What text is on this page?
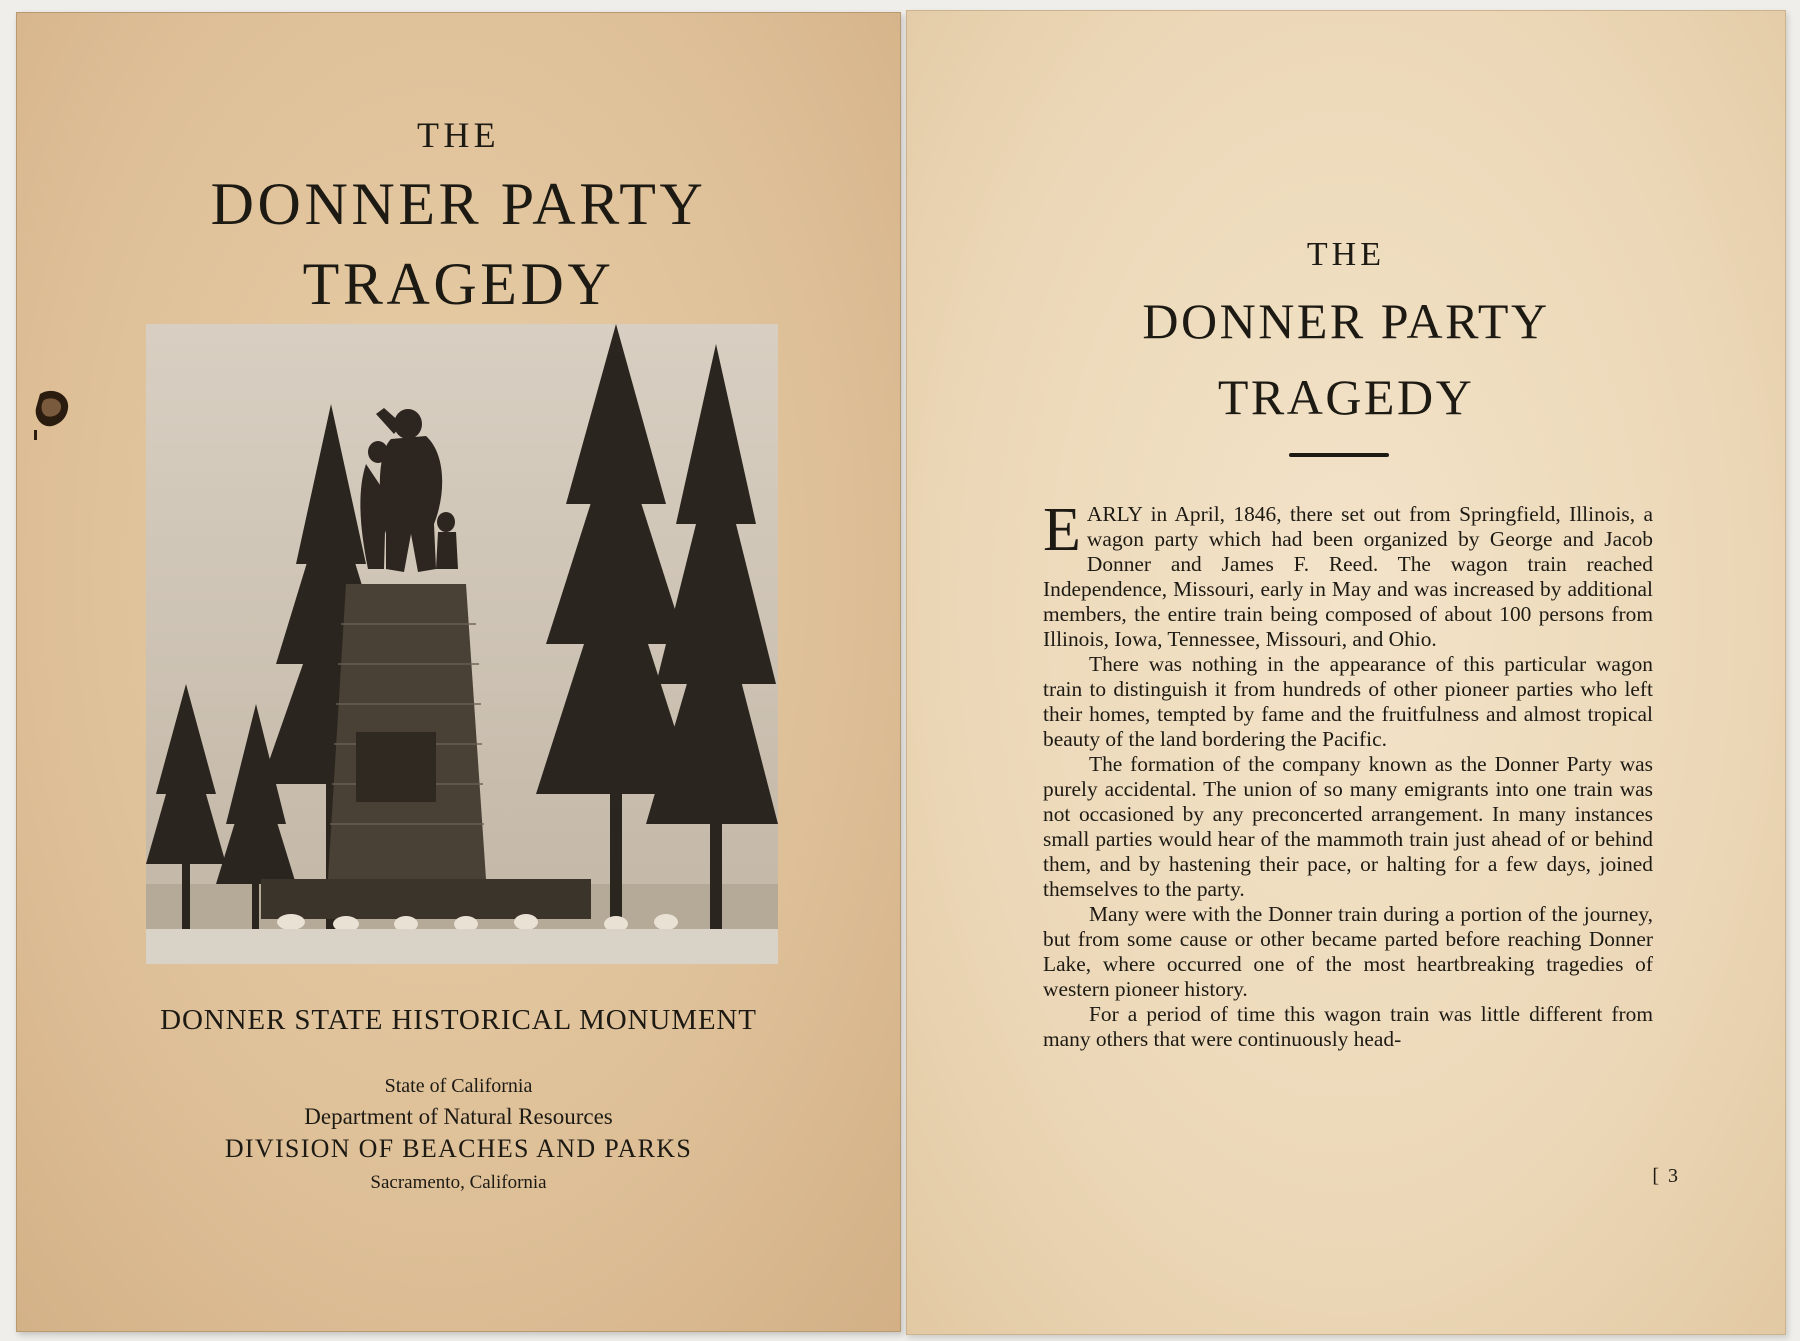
THE
DONNER PARTY
TRAGEDY
DONNER STATE HISTORICAL MONUMENT
State of California
Department of Natural Resources
DIVISION OF BEACHES AND PARKS
Sacramento, California
THE
DONNER PARTY
TRAGEDY

EARLY in April, 1846, there set out from Springfield, Illinois, a wagon party which had been organized by George and Jacob Donner and James F. Reed. The wagon train reached Independence, Missouri, early in May and was increased by additional members, the entire train being composed of about 100 persons from Illinois, Iowa, Tennessee, Missouri, and Ohio.

There was nothing in the appearance of this particular wagon train to distinguish it from hundreds of other pioneer parties who left their homes, tempted by fame and the fruitfulness and almost tropical beauty of the land bordering the Pacific.

The formation of the company known as the Donner Party was purely accidental. The union of so many emigrants into one train was not occasioned by any preconcerted arrangement. In many instances small parties would hear of the mammoth train just ahead of or behind them, and by hastening their pace, or halting for a few days, joined themselves to the party.

Many were with the Donner train during a portion of the journey, but from some cause or other became parted before reaching Donner Lake, where occurred one of the most heartbreaking tragedies of western pioneer history.

For a period of time this wagon train was little different from many others that were continuously head-

[ 3
